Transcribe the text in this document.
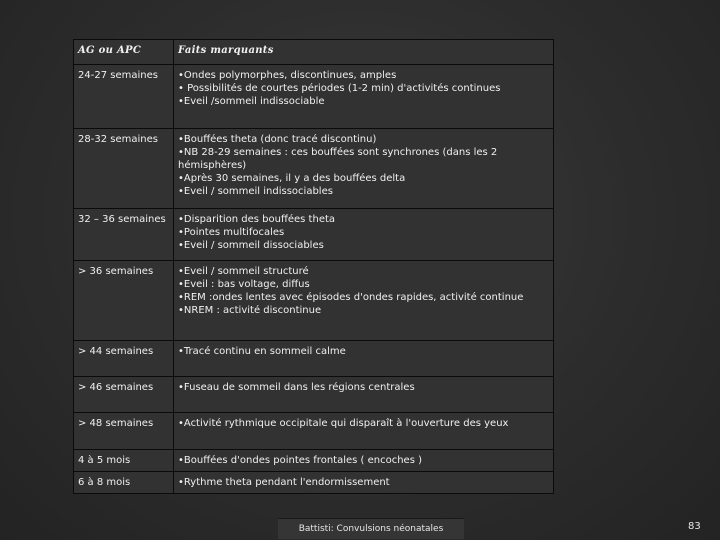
AG ou APC	Faits marquants
24-27 semaines	•Ondes polymorphes, discontinues, amples
• Possibilités de courtes périodes (1-2 min) d'activités continues
•Eveil /sommeil indissociable

28-32 semaines	•Bouffées theta (donc tracé discontinu)
•NB 28-29 semaines : ces bouffées sont synchrones (dans les 2 hémisphères)
•Après 30 semaines, il y a des bouffées delta
•Eveil / sommeil indissociables

32 – 36 semaines	•Disparition des bouffées theta
•Pointes multifocales
•Eveil / sommeil dissociables

> 36 semaines	•Eveil / sommeil structuré
•Eveil : bas voltage, diffus
•REM :ondes lentes avec épisodes d'ondes rapides, activité continue
•NREM : activité discontinue

> 44 semaines	•Tracé continu en sommeil calme

> 46 semaines	•Fuseau de sommeil dans les régions centrales

> 48 semaines	•Activité rythmique occipitale qui disparaît à l'ouverture des yeux

4 à 5 mois	•Bouffées d'ondes pointes frontales ( encoches )

6 à 8 mois	•Rythme theta pendant l'endormissement
Battisti: Convulsions néonatales	83
